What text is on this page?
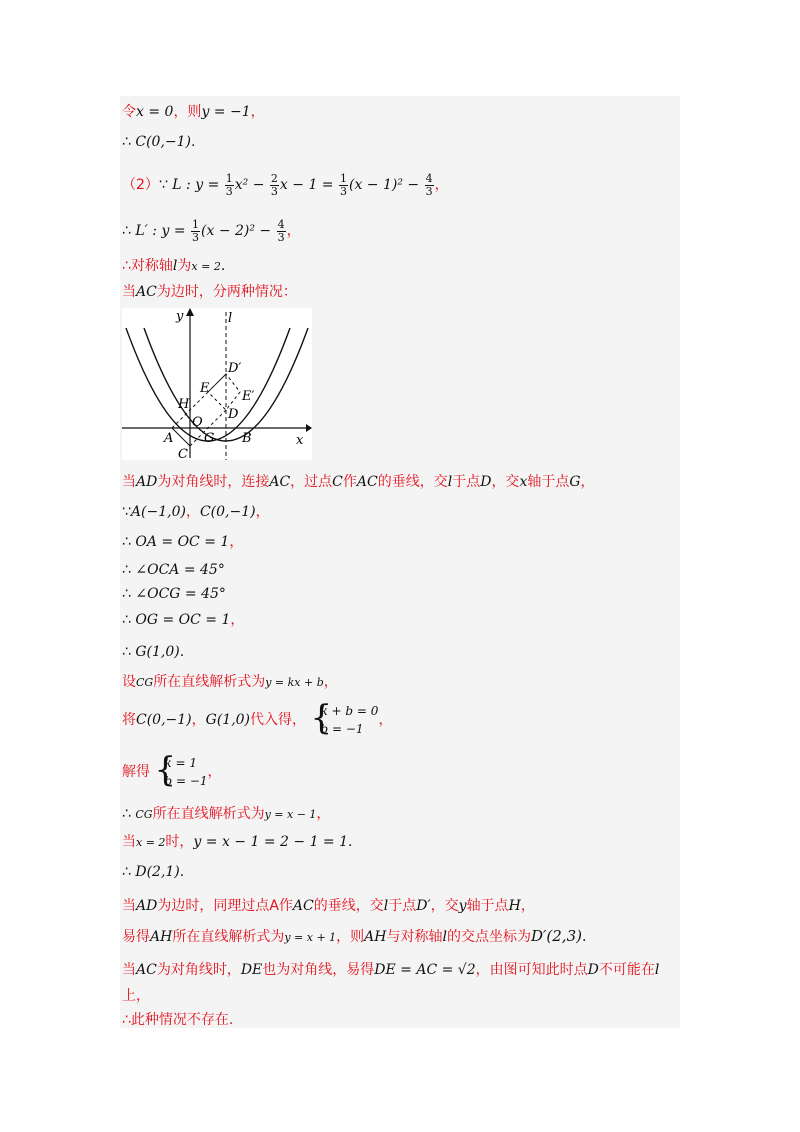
令x = 0，则y = −1，
∴ C(0,−1).
（2）∵ L : $y = \frac{1}{3} x^2 - \frac{2}{3}$ $x - 1 = \frac{1}{3} (x - 1)^2 - \frac{4}{3}$ ，
∴ L′ : $y = \frac{1}{3} (x - 2)^2 - \frac{4}{3}$ ，
∴对称轴l为x = 2.
当AC为边时，分两种情况：
y	l
x
D′
E
E′
H
O
D
A G B
C
当AD为对角线时，连接AC，过点C作AC的垂线，交l于点D，交x轴于点G，
∵A(−1,0)，C(0,−1)，
∴ OA = OC = 1，
∴ ∠OCA = 45°
∴ ∠OCG = 45°
∴ OG = OC = 1，
∴ G(1,0).
设CG所在直线解析式为y = kx + b，
将C(0,−1)，G(1,0)代入得，
{ k + b = 0
b = −1
，
解得
{ k = 1
b = −1
，
∴ CG所在直线解析式为y = x − 1，
当x = 2时，y = x − 1 = 2 − 1 = 1.
∴ D(2,1).
当AD为边时，同理过点A作AC的垂线，交l于点D′，交y轴于点H，
易得AH所在直线解析式为y = x + 1，则AH与对称轴l的交点坐标为D′(2,3).
当AC为对角线时，DE也为对角线，易得DE = AC = √2，由图可知此时点D不可能在l
上，
∴此种情况不存在.
